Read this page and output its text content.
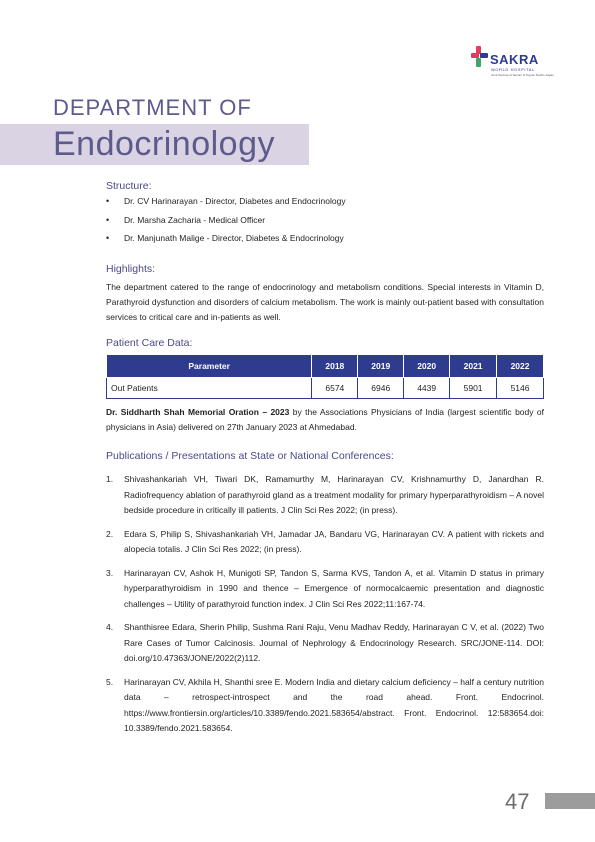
SAKRA
WORLD HOSPITAL
Joint Venture of Secom & Toyota Tsusho Japan
DEPARTMENT OF
Endocrinology
Structure:
• Dr. CV Harinarayan - Director, Diabetes and Endocrinology
• Dr. Marsha Zacharia - Medical Officer
• Dr. Manjunath Malige - Director, Diabetes & Endocrinology
Highlights:

The department catered to the range of endocrinology and metabolism conditions. Special interests in Vitamin D, Parathyroid dysfunction and disorders of calcium metabolism. The work is mainly out-patient based with consultation services to critical care and in-patients as well.

Patient Care Data:
Parameter	2018	2019	2020	2021	2022
Out Patients	6574	6946	4439	5901	5146

Dr. Siddharth Shah Memorial Oration – 2023 by the Associations Physicians of India (largest scientific body of physicians in Asia) delivered on 27th January 2023 at Ahmedabad.

Publications / Presentations at State or National Conferences:
1. Shivashankariah VH, Tiwari DK, Ramamurthy M, Harinarayan CV, Krishnamurthy D, Janardhan R. Radiofrequency ablation of parathyroid gland as a treatment modality for primary hyperparathyroidism – A novel bedside procedure in critically ill patients. J Clin Sci Res 2022; (in press).
2. Edara S, Philip S, Shivashankariah VH, Jamadar JA, Bandaru VG, Harinarayan CV. A patient with rickets and alopecia totalis. J Clin Sci Res 2022; (in press).
3. Harinarayan CV, Ashok H, Munigoti SP, Tandon S, Sarma KVS, Tandon A, et al. Vitamin D status in primary hyperparathyroidism in 1990 and thence – Emergence of normocalcaemic presentation and diagnostic challenges – Utility of parathyroid function index. J Clin Sci Res 2022;11:167-74.
4. Shanthisree Edara, Sherin Philip, Sushma Rani Raju, Venu Madhav Reddy, Harinarayan C V, et al. (2022) Two Rare Cases of Tumor Calcinosis. Journal of Nephrology & Endocrinology Research. SRC/JONE-114. DOI: doi.org/10.47363/JONE/2022(2)112.
5. Harinarayan CV, Akhila H, Shanthi sree E. Modern India and dietary calcium deficiency – half a century nutrition data – retrospect-introspect and the road ahead. Front. Endocrinol. https://www.frontiersin.org/articles/10.3389/fendo.2021.583654/abstract. Front. Endocrinol. 12:583654.doi: 10.3389/fendo.2021.583654.
47
